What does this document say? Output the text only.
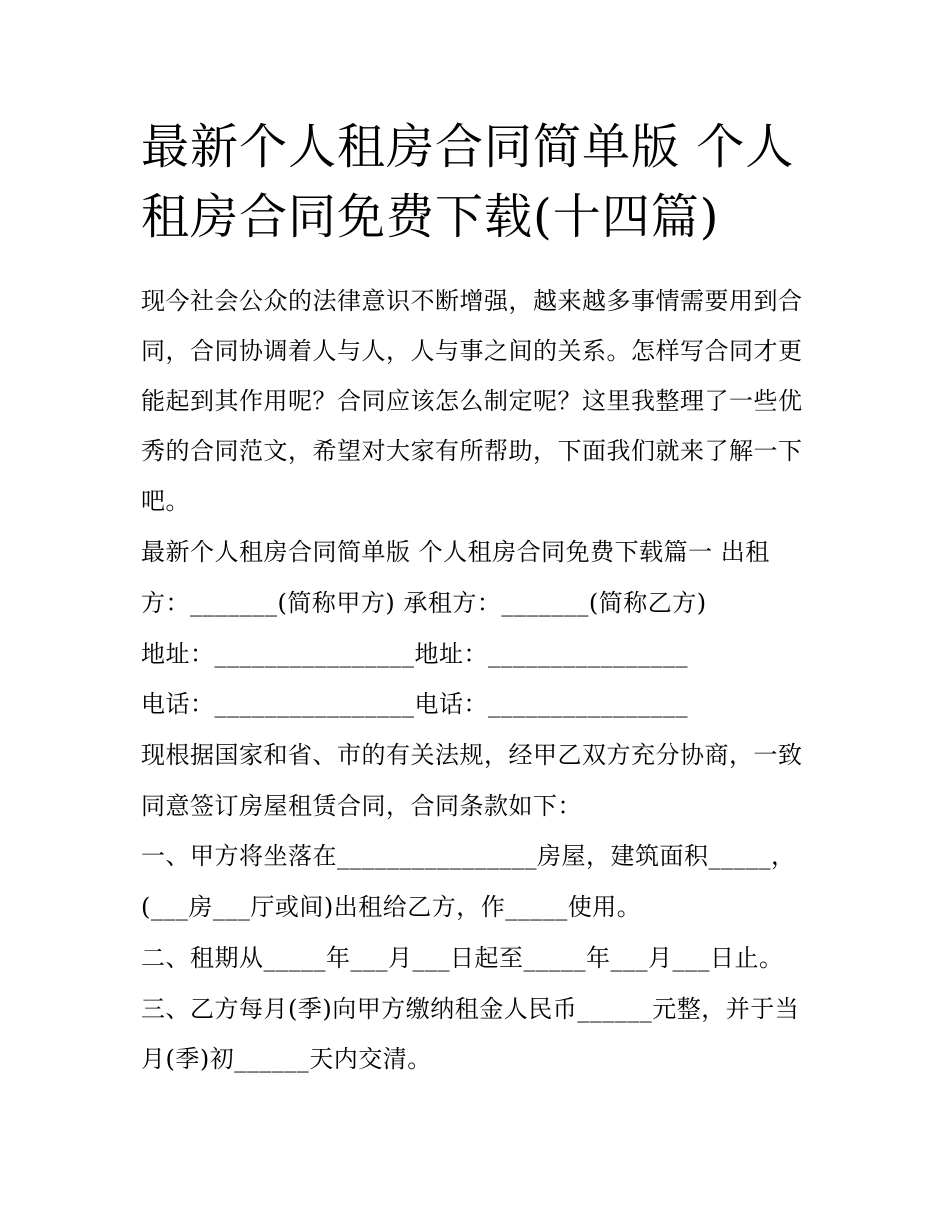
最新个人租房合同简单版 个人
租房合同免费下载(十四篇)
现今社会公众的法律意识不断增强，越来越多事情需要用到合
同，合同协调着人与人，人与事之间的关系。怎样写合同才更
能起到其作用呢？合同应该怎么制定呢？这里我整理了一些优
秀的合同范文，希望对大家有所帮助，下面我们就来了解一下
吧。
最新个人租房合同简单版 个人租房合同免费下载篇一 出租
方：_______(简称甲方) 承租方：_______(简称乙方)
地址：________________地址：________________
电话：________________电话：________________
现根据国家和省、市的有关法规，经甲乙双方充分协商，一致
同意签订房屋租赁合同，合同条款如下：
一、甲方将坐落在________________房屋，建筑面积_____，
(___房___厅或间)出租给乙方，作_____使用。
二、租期从_____年___月___日起至_____年___月___日止。
三、乙方每月(季)向甲方缴纳租金人民币______元整，并于当
月(季)初______天内交清。
